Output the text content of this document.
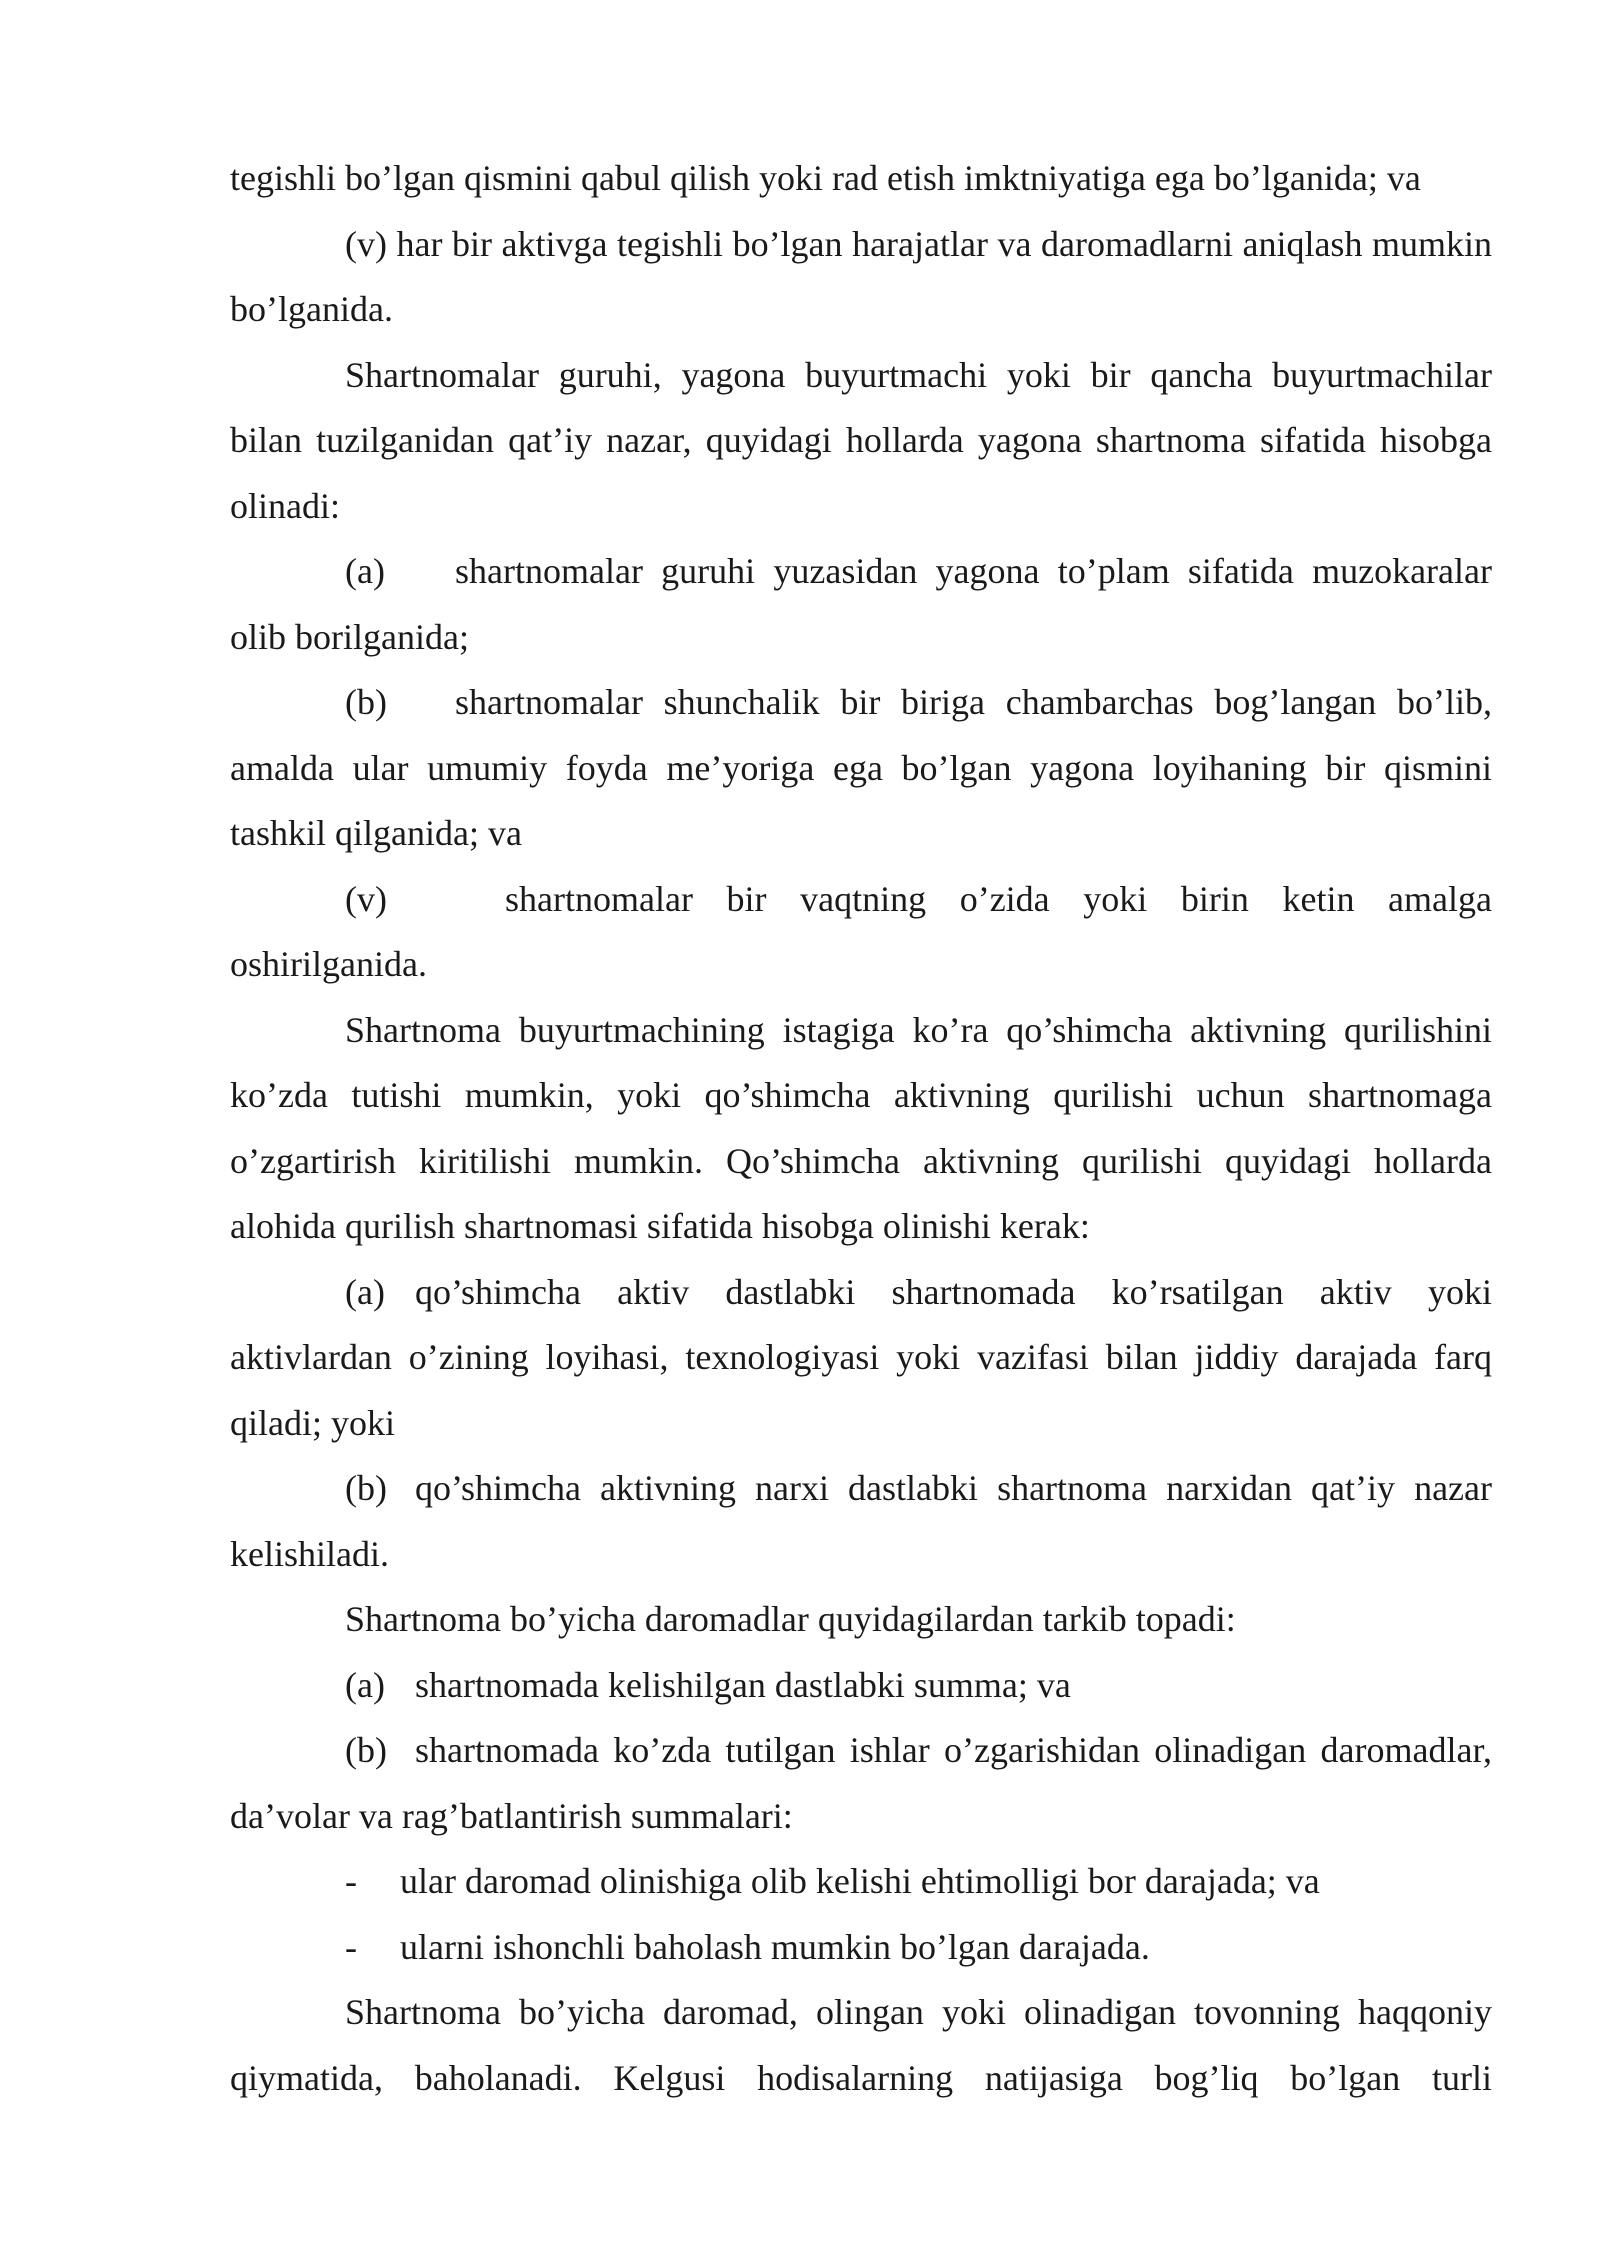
tegishli bo’lgan qismini qabul qilish yoki rad etish imktniyatiga ega bo’lganida; va

(v) har bir aktivga tegishli bo’lgan harajatlar va daromadlarni aniqlash mumkin bo’lganida.

Shartnomalar guruhi, yagona buyurtmachi yoki bir qancha buyurtmachilar bilan tuzilganidan qat’iy nazar, quyidagi hollarda yagona shartnoma sifatida hisobga olinadi:

(a) shartnomalar guruhi yuzasidan yagona to’plam sifatida muzokaralar olib borilganida;

(b) shartnomalar shunchalik bir biriga chambarchas bog’langan bo’lib, amalda ular umumiy foyda me’yoriga ega bo’lgan yagona loyihaning bir qismini tashkil qilganida; va

(v)	shartnomalar bir vaqtning o’zida yoki birin ketin amalga oshirilganida.

Shartnoma buyurtmachining istagiga ko’ra qo’shimcha aktivning qurilishini ko’zda tutishi mumkin, yoki qo’shimcha aktivning qurilishi uchun shartnomaga o’zgartirish kiritilishi mumkin. Qo’shimcha aktivning qurilishi quyidagi hollarda alohida qurilish shartnomasi sifatida hisobga olinishi kerak:

(a) qo’shimcha aktiv dastlabki shartnomada ko’rsatilgan aktiv yoki aktivlardan o’zining loyihasi, texnologiyasi yoki vazifasi bilan jiddiy darajada farq qiladi; yoki

(b) qo’shimcha aktivning narxi dastlabki shartnoma narxidan qat’iy nazar kelishiladi.

Shartnoma bo’yicha daromadlar quyidagilardan tarkib topadi:

(a) shartnomada kelishilgan dastlabki summa; va

(b) shartnomada ko’zda tutilgan ishlar o’zgarishidan olinadigan daromadlar, da’volar va rag’batlantirish summalari:

- ular daromad olinishiga olib kelishi ehtimolligi bor darajada; va

- ularni ishonchli baholash mumkin bo’lgan darajada.

Shartnoma bo’yicha daromad, olingan yoki olinadigan tovonning haqqoniy qiymatida, baholanadi. Kelgusi hodisalarning natijasiga bog’liq bo’lgan turli
